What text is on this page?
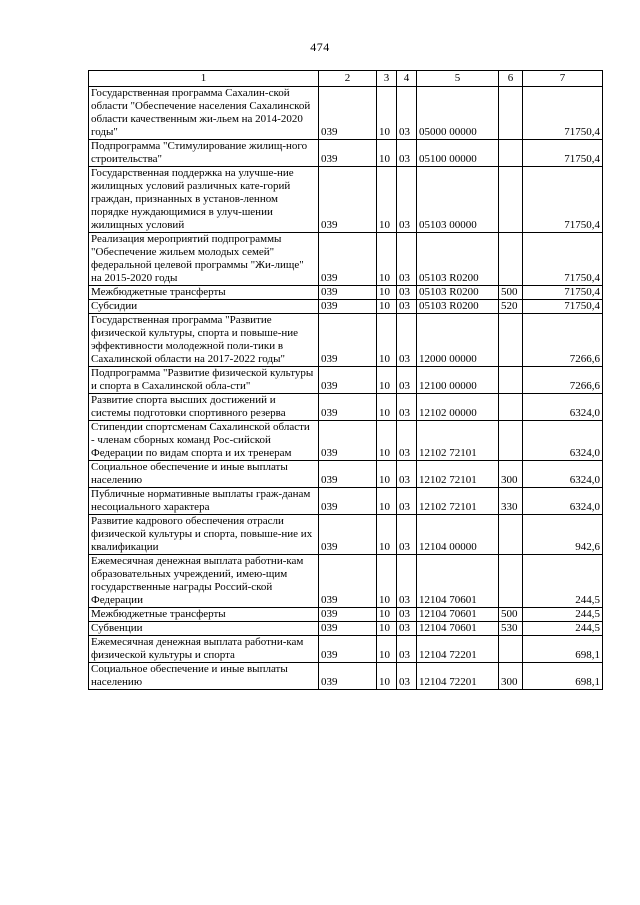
474
1	2	3	4	5	6	7
Государственная программа Сахалин-ской области "Обеспечение населения Сахалинской области качественным жи-льем на 2014-2020 годы"	039	10	03	05000 00000		71750,4
Подпрограмма "Стимулирование жилищ-ного строительства"	039	10	03	05100 00000		71750,4
Государственная поддержка на улучше-ние жилищных условий различных кате-горий граждан, признанных в установ-ленном порядке нуждающимися в улуч-шении жилищных условий	039	10	03	05103 00000		71750,4
Реализация мероприятий подпрограммы "Обеспечение жильем молодых семей" федеральной целевой программы "Жи-лище" на 2015-2020 годы	039	10	03	05103 R0200		71750,4
Межбюджетные трансферты	039	10	03	05103 R0200	500	71750,4
Субсидии	039	10	03	05103 R0200	520	71750,4
Государственная программа "Развитие физической культуры, спорта и повыше-ние эффективности молодежной поли-тики в Сахалинской области на 2017-2022 годы"	039	10	03	12000 00000		7266,6
Подпрограмма "Развитие физической культуры и спорта в Сахалинской обла-сти"	039	10	03	12100 00000		7266,6
Развитие спорта высших достижений и системы подготовки спортивного резерва	039	10	03	12102 00000		6324,0
Стипендии спортсменам Сахалинской области - членам сборных команд Рос-сийской Федерации по видам спорта и их тренерам	039	10	03	12102 72101		6324,0
Социальное обеспечение и иные выплаты населению	039	10	03	12102 72101	300	6324,0
Публичные нормативные выплаты граж-данам несоциального характера	039	10	03	12102 72101	330	6324,0
Развитие кадрового обеспечения отрасли физической культуры и спорта, повыше-ние их квалификации	039	10	03	12104 00000		942,6
Ежемесячная денежная выплата работни-кам образовательных учреждений, имею-щим государственные награды Россий-ской Федерации	039	10	03	12104 70601		244,5
Межбюджетные трансферты	039	10	03	12104 70601	500	244,5
Субвенции	039	10	03	12104 70601	530	244,5
Ежемесячная денежная выплата работни-кам физической культуры и спорта	039	10	03	12104 72201		698,1
Социальное обеспечение и иные выплаты населению	039	10	03	12104 72201	300	698,1
